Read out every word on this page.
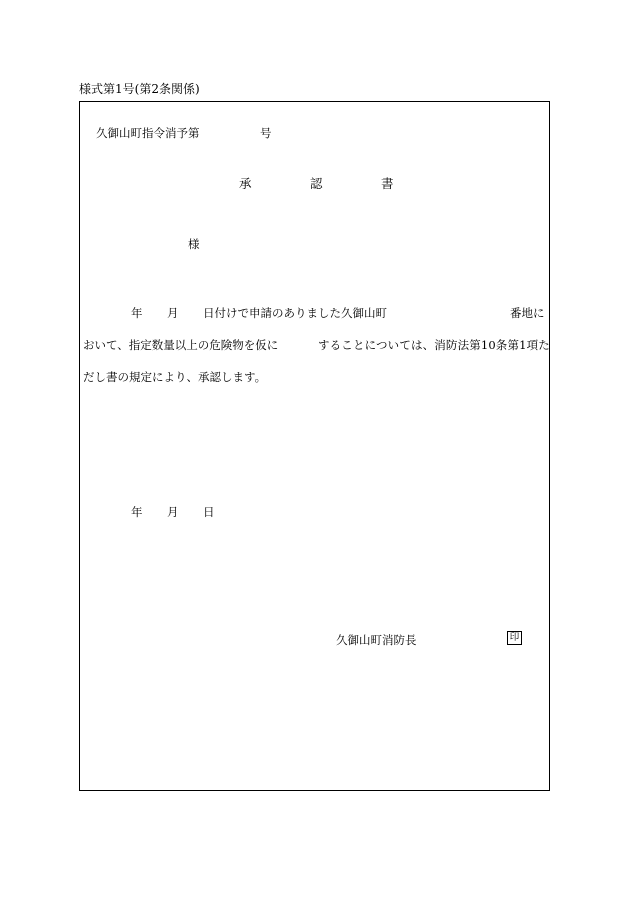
様式第1号(第2条関係)
久御山町指令消予第	号
承	認	書
様
年 月 日付けで申請のありました久御山町	番地に
おいて、指定数量以上の危険物を仮に	することについては、消防法第10条第1項た
だし書の規定により、承認します。
年 月 日
久御山町消防長	印
